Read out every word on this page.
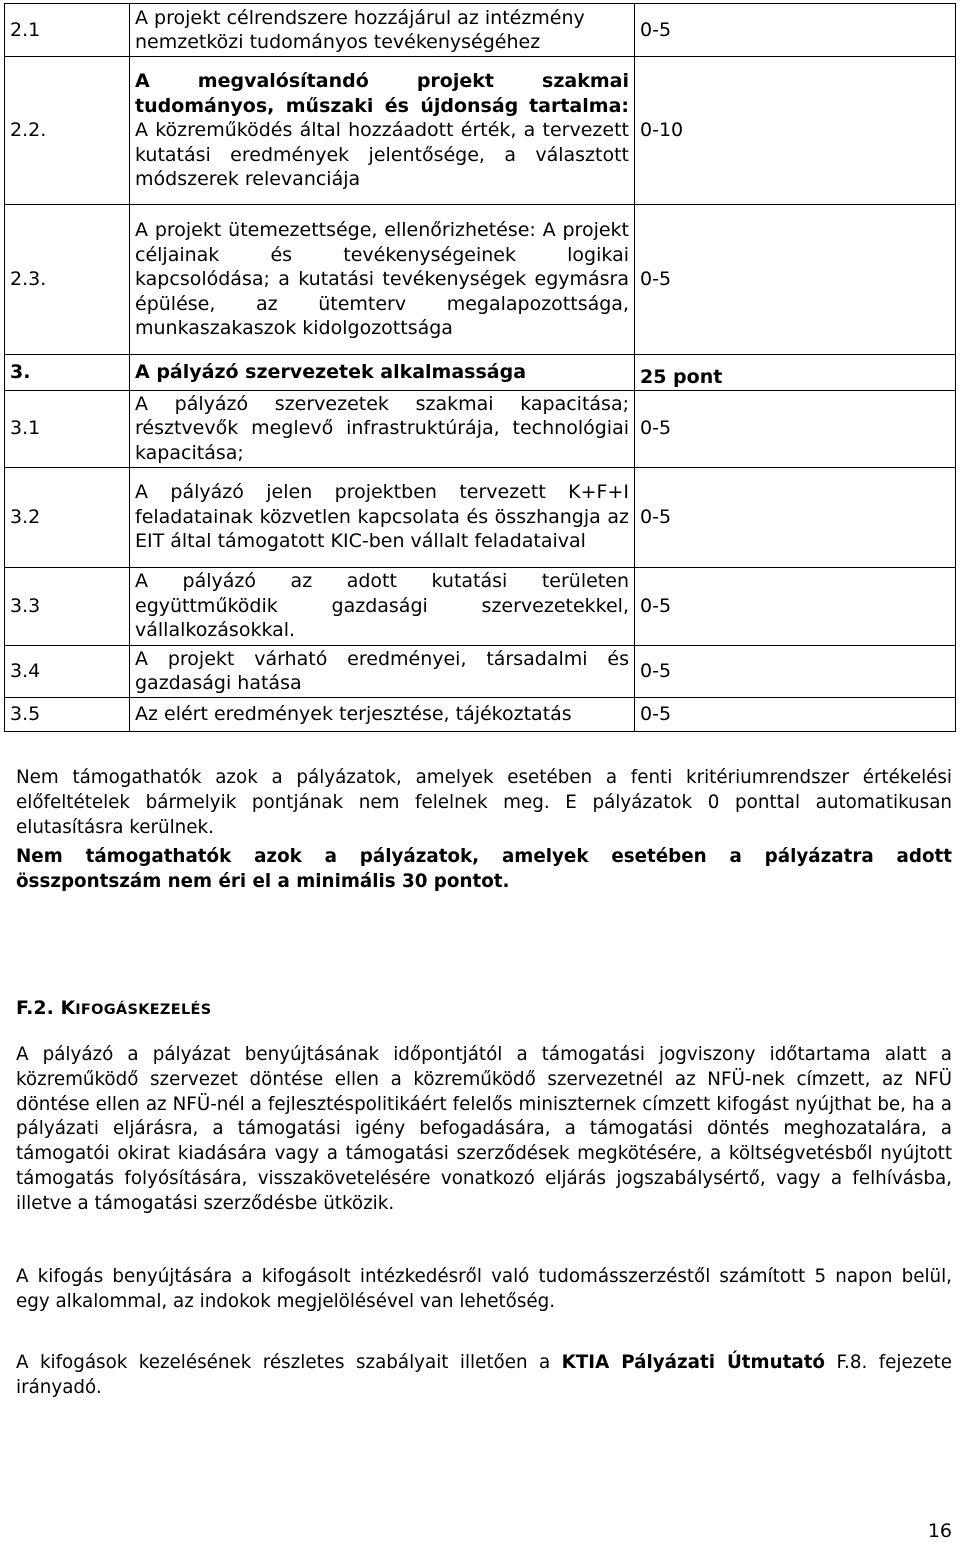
2.1	A projekt célrendszere hozzájárul az intézmény
nemzetközi tudományos tevékenységéhez	0-5
2.2.	A megvalósítandó projekt szakmai tudományos, műszaki és újdonság tartalma: A közreműködés által hozzáadott érték, a tervezett kutatási eredmények jelentősége, a választott módszerek relevanciája	0-10
2.3.	A projekt ütemezettsége, ellenőrizhetése: A projekt céljainak és tevékenységeinek logikai kapcsolódása; a kutatási tevékenységek egymásra épülése, az ütemterv megalapozottsága, munkaszakaszok kidolgozottsága	0-5
3.	A pályázó szervezetek alkalmassága	25 pont
3.1	A pályázó szervezetek szakmai kapacitása; résztvevők meglevő infrastruktúrája, technológiai kapacitása;	0-5
3.2	A pályázó jelen projektben tervezett K+F+I feladatainak közvetlen kapcsolata és összhangja az EIT által támogatott KIC-ben vállalt feladataival	0-5
3.3	A pályázó az adott kutatási területen együttműködik gazdasági szervezetekkel, vállalkozásokkal.	0-5
3.4	A projekt várható eredményei, társadalmi és gazdasági hatása	0-5
3.5	Az elért eredmények terjesztése, tájékoztatás	0-5

Nem támogathatók azok a pályázatok, amelyek esetében a fenti kritériumrendszer értékelési előfeltételek bármelyik pontjának nem felelnek meg. E pályázatok 0 ponttal automatikusan elutasításra kerülnek.

Nem támogathatók azok a pályázatok, amelyek esetében a pályázatra adott összpontszám nem éri el a minimális 30 pontot.

F.2. KIFOGÁSKEZELÉS

A pályázó a pályázat benyújtásának időpontjától a támogatási jogviszony időtartama alatt a közreműködő szervezet döntése ellen a közreműködő szervezetnél az NFÜ-nek címzett, az NFÜ döntése ellen az NFÜ-nél a fejlesztéspolitikáért felelős miniszternek címzett kifogást nyújthat be, ha a pályázati eljárásra, a támogatási igény befogadására, a támogatási döntés meghozatalára, a támogatói okirat kiadására vagy a támogatási szerződések megkötésére, a költségvetésből nyújtott támogatás folyósítására, visszakövetelésére vonatkozó eljárás jogszabálysértő, vagy a felhívásba, illetve a támogatási szerződésbe ütközik.

A kifogás benyújtására a kifogásolt intézkedésről való tudomásszerzéstől számított 5 napon belül, egy alkalommal, az indokok megjelölésével van lehetőség.

A kifogások kezelésének részletes szabályait illetően a KTIA Pályázati Útmutató F.8. fejezete irányadó.

16
